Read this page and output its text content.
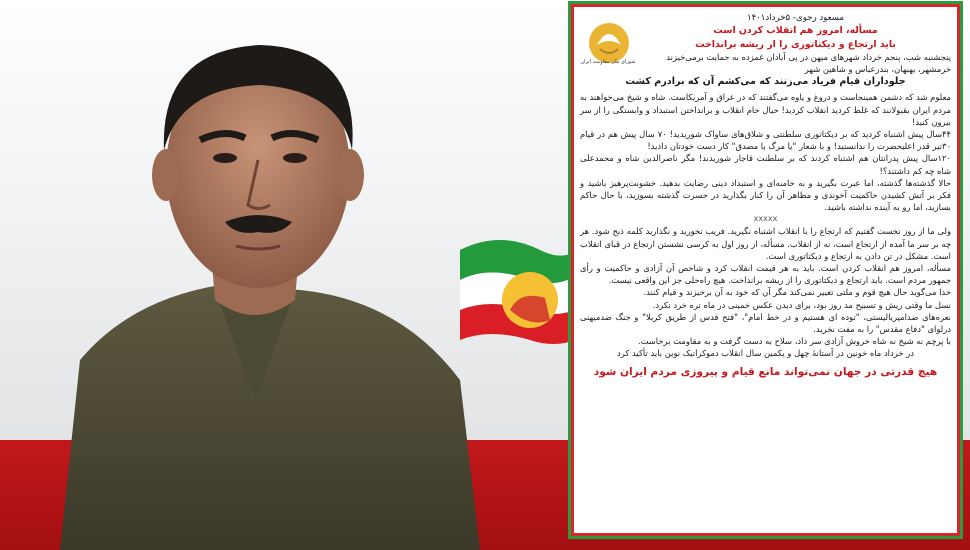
شورای ملی مقاومت ایران

مسعود رجوی- ۵خرداد۱۴۰۱

مسأله، امروز هم انقلاب کردن است

باید ارتجاع و دیکتاتوری را از ریشه برانداخت

پنجشنبه شب، پنجم خرداد شهرهای میهن در پی آبادان غمزده به حمایت برمی‌خیزند

خرمشهر، بهبهان، بندرعباس و شاهین شهر

جلوداران قیام فریاد می‌زنند که می‌کشم آن که برادرم کشت

معلوم شد که دشمن همینجاست و دروغ و یاوه می‌گفتند که در عراق و آمریکاست. شاه و شیخ می‌خواهند به مردم ایران بقبولانند که غلط کردید انقلاب کردید! خیال خام انقلاب و برانداختن استبداد و وابستگی را از سر بیرون کنید!

۴۴سال پیش اشتباه کردید که بر دیکتاتوری سلطنتی و شلاق‌های ساواک شوریدید! ۷۰ سال پیش هم در قیام ۳۰تیر قدر اعلیحضرت را ندانستید! و با شعار "یا مرگ یا مصدق" کار دست خودتان دادید!

۱۲۰سال پیش پدرانتان هم اشتباه کردند که بر سلطنت قاجار شوریدند! مگر ناصرالدین شاه و محمدعلی شاه چه کم داشتند؟!

حالا گذشته‌ها گذشته، اما عبرت بگیرید و به خامنه‌ای و استبداد دینی رضایت بدهید. خشونت‌پرهیز باشید و فکر بر آتش کشیدن حاکمیت آخوندی و مظاهر آن را کنار بگذارید در حسرت گذشته بسوزید، با حال حاکم بسازید، اما رو به آینده نداشته باشید.

xxxxx

ولی ما از روز نخست گفتیم که ارتجاع را با انقلاب اشتباه نگیرید. فریب نخورید و نگذارید کلمه ذبح شود. هر چه بر سر ما آمده از ارتجاع است، نه از انقلاب. مسأله، از روز اول به کرسی نشستن ارتجاع در قبای انقلاب است. مشکل در تن دادن به ارتجاع و دیکتاتوری است.

مسأله، امروز هم انقلاب کردن است. باید به هر قیمت انقلاب کرد و شاخص آن آزادی و حاکمیت و رأی جمهور مردم است. باید ارتجاع و دیکتاتوری را از ریشه برانداخت. هیچ راه‌حلی جز این واقعی نیست.

خدا می‌گوید حال هیچ قوم و ملتی تغییر نمی‌کند مگر آن که خود به آن برخیزند و قیام کنند.

نسل ما وقتی ریش و تسبیح مد روز بود، برای دیدن عکس خمینی در ماه تره خرد نکرد.

نعره‌های ضدامپریالیستی، "توده ای هستیم و در خط امام"، "فتح قدس از طریق کربلا" و جنگ ضدمیهنی درلوای "دفاع مقدس" را به مفت نخرید.

با پرچم نه شیخ نه شاه خروش آزادی سر داد، سلاح به دست گرفت و به مقاومت برخاست.

در خرداد ماه خونین در آستانهٔ چهل و یکمین سال انقلاب دموکراتیک نوین باید تأکید کرد

هیچ قدرتی در جهان نمی‌تواند مانع قیام و پیروزی مردم ایران شود
